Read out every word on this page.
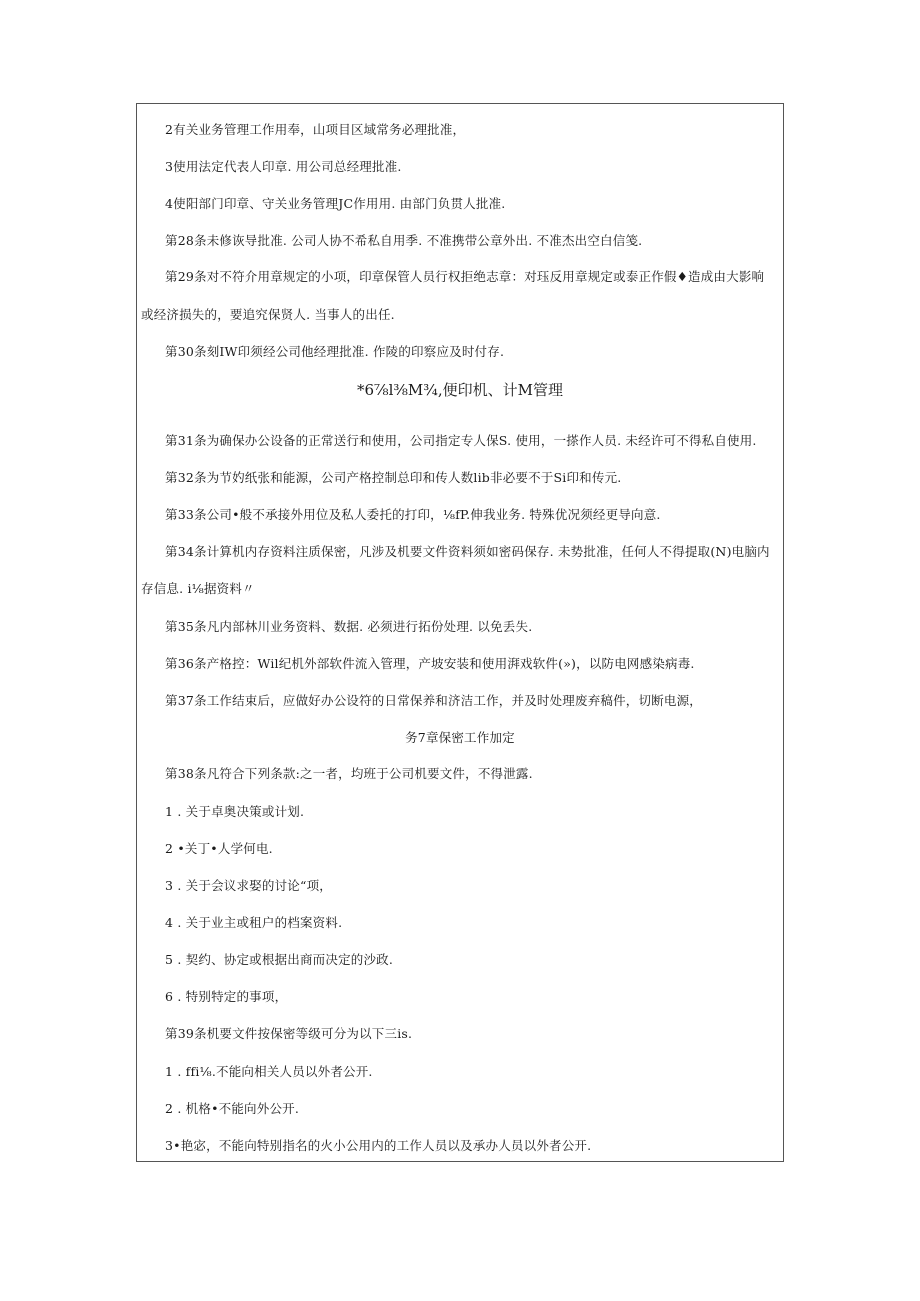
2有关业务管理工作用奉，山项目区域常务必理批准，
3使用法定代表人印章. 用公司总经理批准.
4使阳部门印章、守关业务管理JC作用用. 由部门负贯人批准.
第28条未修诙导批准. 公司人协不希私自用季. 不准携带公章外出. 不准杰出空白信笺.
第29条对不符介用章规定的小项，印章保管人员行权拒绝志章：对珏反用章规定或泰正作假♦造成由大影响
或经济损失的，要追究保贤人. 当事人的出任.
第30条刻IW印须经公司他经理批准. 作陵的印察应及时付存.
*6⅞l⅜M¾,便印机、计M管理
第31条为确保办公设备的正常送行和使用，公司指定专人保S. 使用，一搽作人员. 未经许可不得私自使用.
第32条为节妁纸张和能源，公司产格控制总印和传人数lib非必要不于Si印和传元.
第33条公司•般不承接外用位及私人委托的打印，⅛fP.伸我业务. 特殊优况须经更导向意.
第34条计算机内存资料注质保密，凡涉及机要文件资料须如密码保存. 未势批准，任何人不得提取(N)电脑内
存信息. i⅛据资料〃
第35条凡内部林川业务资料、数据. 必须进行拓份处理. 以免丢失.
第36条产格控：Wil纪机外部软件流入管理，产坡安装和使用湃戏软件(»)，以防电网感染病毒.
第37条工作结束后，应做好办公设符的日常保养和济洁工作，并及时处理废弃稿件，切断电源，
务7章保密工作加定
第38条凡符合下列条款:之一者，均班于公司机要文件，不得泄露.
1 . 关于卓奥决策或计划.
2 •关丁•人学何电.
3 . 关于会议求娶的讨论“项，
4 . 关于业主或租户的档案资料.
5 . 契约、协定或根据出商而决定的沙政.
6 . 特别特定的事项，
第39条机要文件按保密等级可分为以下三is.
1 . ffi⅛.不能向相关人员以外者公开.
2 . 机格•不能向外公开.
3•艳宓，不能向特别指名的火小公用内的工作人员以及承办人员以外者公开.
